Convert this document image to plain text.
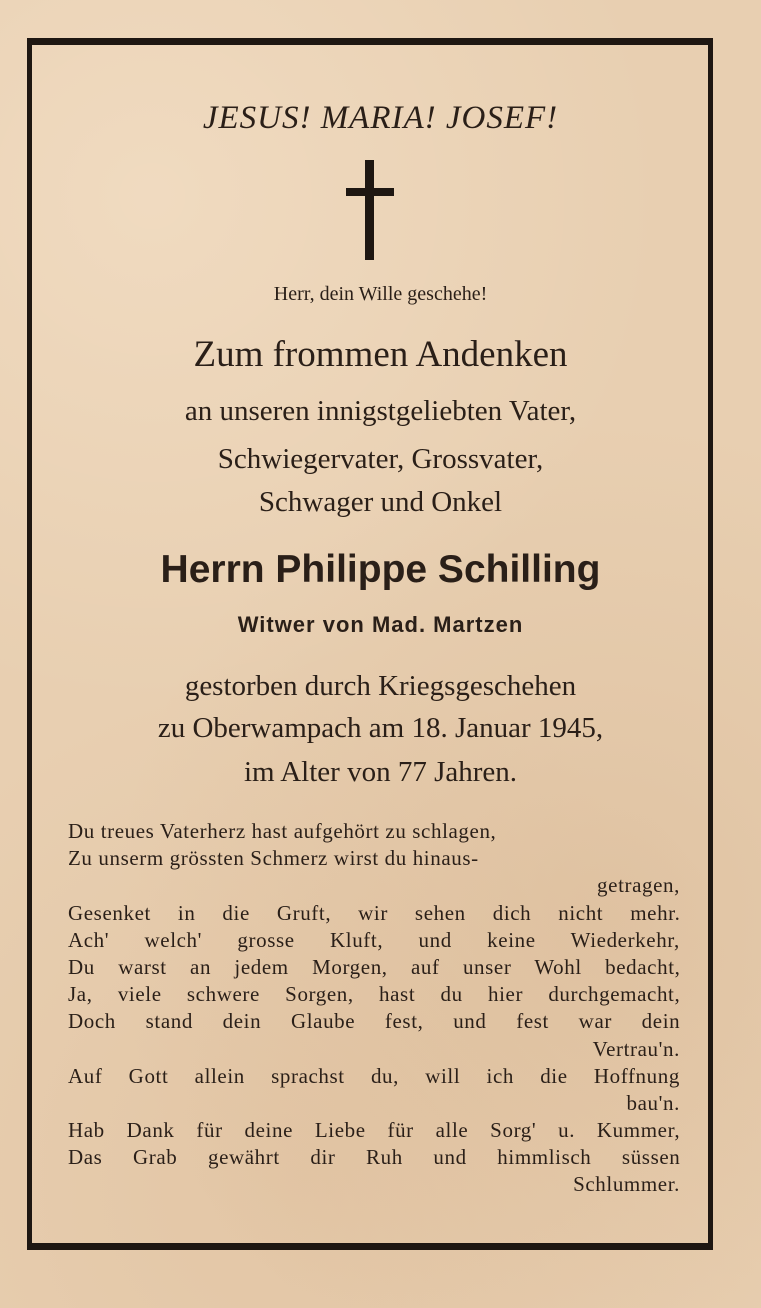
JESUS! MARIA! JOSEF!
Herr, dein Wille geschehe!
Zum frommen Andenken
an unseren innigstgeliebten Vater,
Schwiegervater, Grossvater,
Schwager und Onkel
Herrn Philippe Schilling
Witwer von Mad. Martzen
gestorben durch Kriegsgeschehen
zu Oberwampach am 18. Januar 1945,
im Alter von 77 Jahren.
Du treues Vaterherz hast aufgehört zu schlagen,
Zu unserm grössten Schmerz wirst du hinaus-
getragen,
Gesenket in die Gruft, wir sehen dich nicht mehr.
Ach' welch' grosse Kluft, und keine Wiederkehr,
Du warst an jedem Morgen, auf unser Wohl bedacht,
Ja, viele schwere Sorgen, hast du hier durchgemacht,
Doch stand dein Glaube fest, und fest war dein
Vertrau'n.
Auf Gott allein sprachst du, will ich die Hoffnung
bau'n.
Hab Dank für deine Liebe für alle Sorg' u. Kummer,
Das Grab gewährt dir Ruh und himmlisch süssen
Schlummer.
